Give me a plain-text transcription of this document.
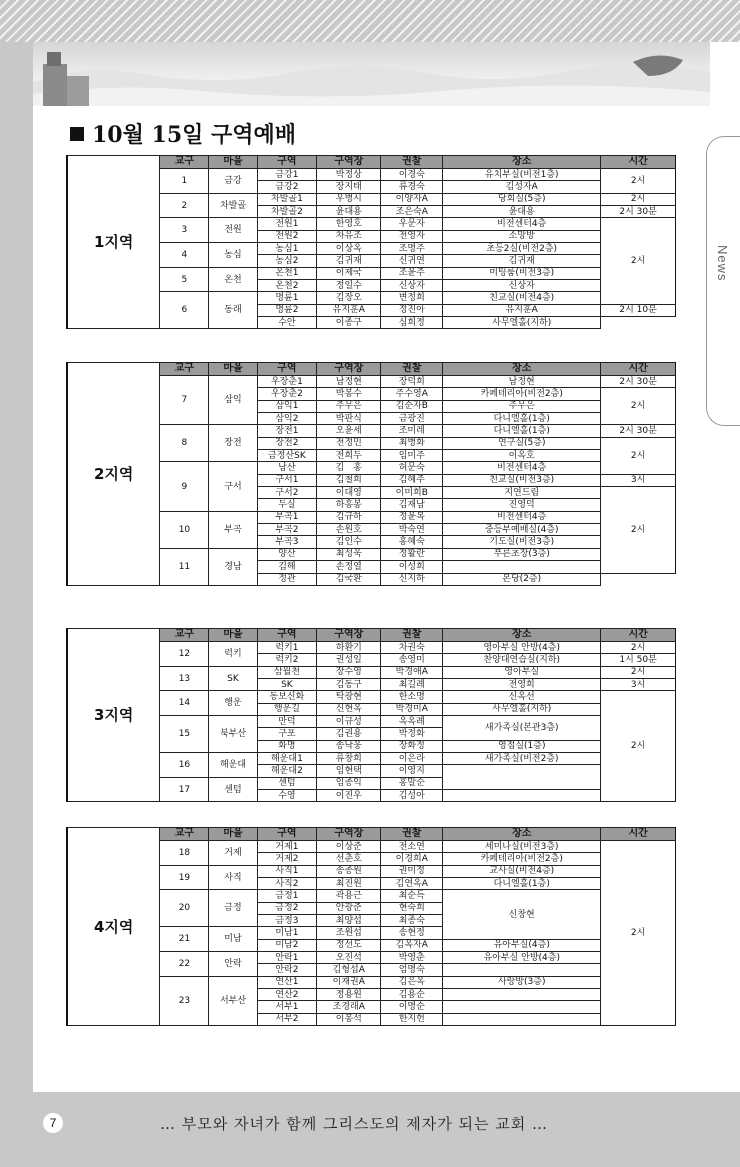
News
10월 15일 구역예배
1지역	교구	마을	구역	구역장	권찰	장소	시간
	1	금강	금강1	박정상	이경숙	유치부실(비전1층)	2시
			금강2	장지태	류경숙	김성자A	
	2	차발골	차발골1	우병시	이양자A	당회실(5층)	2시
			차발골2	윤대용	조은숙A	윤대용	2시 30분
	3	전원	전원1	한영호	우문자	비전센터4층	2시
			전원2	차유조	전영자	소망방	
	4	농심	농심1	이상옥	조명주	초등2실(비전2층)	
			농심2	김귀재	신귀연	김귀재	
	5	온천	온천1	이제국	조윤주	미팅룸(비전3층)	
			온천2	정일수	신상자	신상자	
	6	동래	명륜1	김장오	변정희	친교실(비전4층)	
			명륜2	유지훈A	정진아	유지훈A	2시 10분
			수안	이종구	심희정	사무엘홀(지하)	
2지역	교구	마을	구역	구역장	권찰	장소	시간
	7	삼익	우장춘1	남정현	장덕희	남정현	2시 30분
			우장춘2	박봉수	주수영A	카페테리아(비전2층)	2시
			삼익1	주무은	김순자B	주무은	
			삼익2	박판식	금광진	다니엘홀(1층)	
	8	장전	장전1	오윤세	조미레	다니엘홀(1층)	2시 30분
			장전2	전정민	최병화	연구실(5층)	2시
			금정산SK	전희두	임미주	이옥호	
	9	구서	남산	김　홍	허문숙	비전센터4층	
			구서1	김철희	김혜주	친교실(비전3층)	3시
			구서2	이대영	이미희B	지연드림	2시
			두실	하흥봉	김재남	진영덕	
	10	부곡	부곡1	김규하	정윤복	비전센터4층	
			부곡2	손원호	박숙연	중등부예배실(4층)	
			부곡3	김인수	홍혜숙	기도실(비전3층)	
	11	경남	양산	최성욱	정활란	푸른초장(3층)	
			김해	손정열	이성희		
			정관	김국환	신지하	본당(2층)	
3지역	교구	마을	구역	구역장	권찰	장소	시간
	12	럭키	럭키1	하환기	차권숙	영아부실 안방(4층)	2시
			럭키2	권성일	송영미	찬양대연습실(지하)	1시 50분
	13	SK	삼월천	장수영	박경애A	영아부실	2시
			SK	김동구	최길례	전영희	3시
	14	행운	동보신화	탁광현	한소명	신옥선	2시
			행운길	신현옥	박경미A	사무엘홀(지하)	
	15	북부산	만덕	이규성	옥옥례	새가족실(본관3층)	
			구포	김권용	박정화		
			화명	송낙웅	장화정	영접실(1층)	
	16	해운대	해운대1	류창희	이은라	새가족실(비전2층)	
			해운대2	임현택	이영지		
	17	센텀	센텀	임종익	홍말순		
			수영	이진우	김성아		
4지역	교구	마을	구역	구역장	권찰	장소	시간
	18	거제	거제1	이상준	전소연	세미나실(비전3층)	2시
			거제2	선춘호	이경희A	카페테리아(비전2층)	
	19	사직	사직1	송종원	권미정	교사실(비전4층)	
			사직2	최진원	김연옥A	다니엘홀(1층)	
	20	금정	금정1	곽용근	최순득	신창현	
			금정2	안광준	현숙희		
			금정3	최양섭	최종숙		
	21	미남	미남1	조원섭	송현정		
			미남2	정선도	김옥자A	유아부실(4층)	
	22	안락	안락1	오진석	박영춘	유아부실 안방(4층)	
			안락2	김형섭A	엄명숙		
	23	서부산	연산1	이재권A	김은옥	사랑방(3층)	
			연산2	정용원	김용순		
			서부1	조경래A	이명순		
			서부2	이봉석	한지헌		
7	… 부모와 자녀가 함께 그리스도의 제자가 되는 교회 …
